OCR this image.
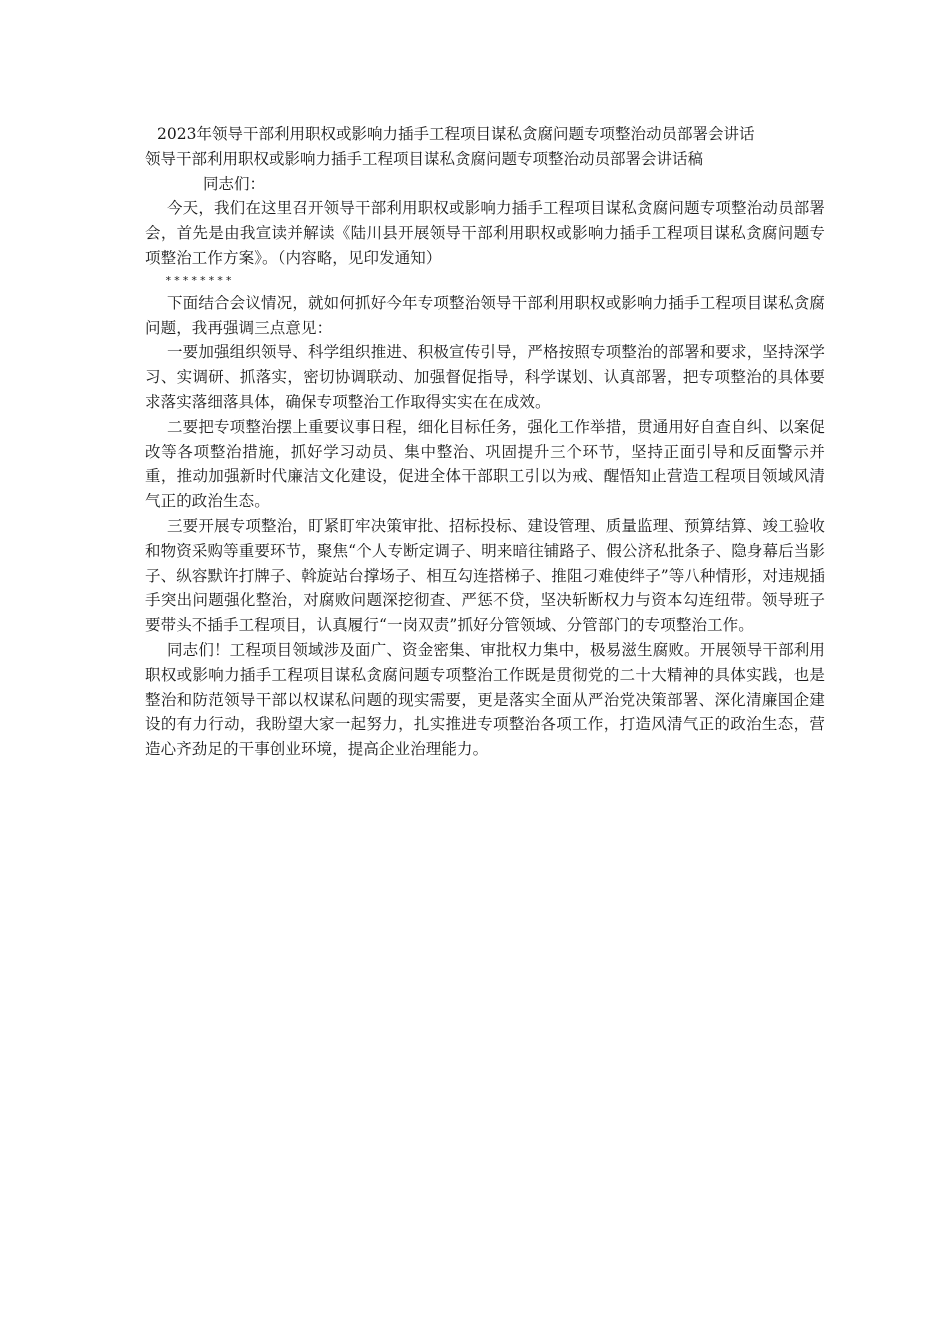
2023年领导干部利用职权或影响力插手工程项目谋私贪腐问题专项整治动员部署会讲话

领导干部利用职权或影响力插手工程项目谋私贪腐问题专项整治动员部署会讲话稿

同志们：

今天，我们在这里召开领导干部利用职权或影响力插手工程项目谋私贪腐问题专项整治动员部署会，首先是由我宣读并解读《陆川县开展领导干部利用职权或影响力插手工程项目谋私贪腐问题专项整治工作方案》。（内容略，见印发通知）

********

下面结合会议情况，就如何抓好今年专项整治领导干部利用职权或影响力插手工程项目谋私贪腐问题，我再强调三点意见：

一要加强组织领导、科学组织推进、积极宣传引导，严格按照专项整治的部署和要求，坚持深学习、实调研、抓落实，密切协调联动、加强督促指导，科学谋划、认真部署，把专项整治的具体要求落实落细落具体，确保专项整治工作取得实实在在成效。

二要把专项整治摆上重要议事日程，细化目标任务，强化工作举措，贯通用好自查自纠、以案促改等各项整治措施，抓好学习动员、集中整治、巩固提升三个环节，坚持正面引导和反面警示并重，推动加强新时代廉洁文化建设，促进全体干部职工引以为戒、醒悟知止营造工程项目领域风清气正的政治生态。

三要开展专项整治，盯紧盯牢决策审批、招标投标、建设管理、质量监理、预算结算、竣工验收和物资采购等重要环节，聚焦“个人专断定调子、明来暗往铺路子、假公济私批条子、隐身幕后当影子、纵容默许打牌子、斡旋站台撑场子、相互勾连搭梯子、推阻刁难使绊子”等八种情形，对违规插手突出问题强化整治，对腐败问题深挖彻查、严惩不贷，坚决斩断权力与资本勾连纽带。领导班子要带头不插手工程项目，认真履行“一岗双责”抓好分管领域、分管部门的专项整治工作。

同志们！工程项目领域涉及面广、资金密集、审批权力集中，极易滋生腐败。开展领导干部利用职权或影响力插手工程项目谋私贪腐问题专项整治工作既是贯彻党的二十大精神的具体实践，也是整治和防范领导干部以权谋私问题的现实需要，更是落实全面从严治党决策部署、深化清廉国企建设的有力行动，我盼望大家一起努力，扎实推进专项整治各项工作，打造风清气正的政治生态，营造心齐劲足的干事创业环境，提高企业治理能力。
